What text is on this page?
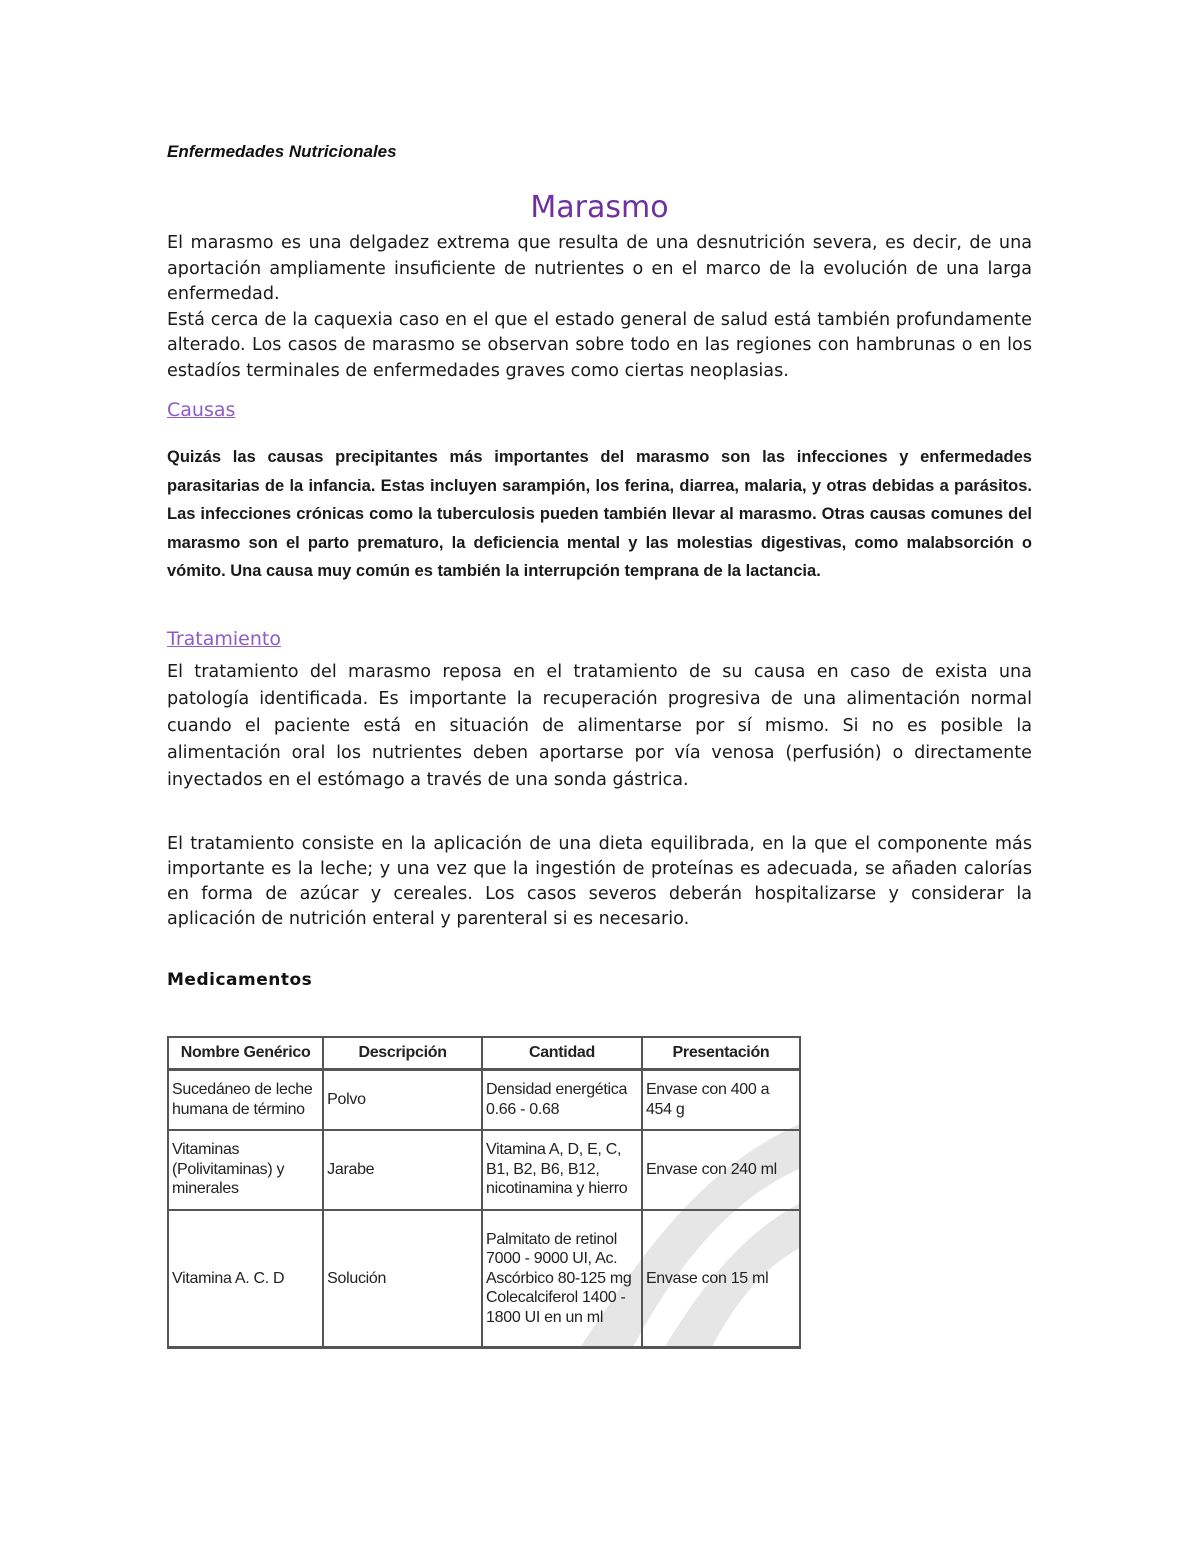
Enfermedades Nutricionales
Marasmo

El marasmo es una delgadez extrema que resulta de una desnutrición severa, es decir, de una aportación ampliamente insuficiente de nutrientes o en el marco de la evolución de una larga enfermedad.

Está cerca de la caquexia caso en el que el estado general de salud está también profundamente alterado. Los casos de marasmo se observan sobre todo en las regiones con hambrunas o en los estadíos terminales de enfermedades graves como ciertas neoplasias.

Causas

Quizás las causas precipitantes más importantes del marasmo son las infecciones y enfermedades parasitarias de la infancia. Estas incluyen sarampión, los ferina, diarrea, malaria, y otras debidas a parásitos. Las infecciones crónicas como la tuberculosis pueden también llevar al marasmo. Otras causas comunes del marasmo son el parto prematuro, la deficiencia mental y las molestias digestivas, como malabsorción o vómito. Una causa muy común es también la interrupción temprana de la lactancia.

Tratamiento

El tratamiento del marasmo reposa en el tratamiento de su causa en caso de exista una patología identificada. Es importante la recuperación progresiva de una alimentación normal cuando el paciente está en situación de alimentarse por sí mismo. Si no es posible la alimentación oral los nutrientes deben aportarse por vía venosa (perfusión) o directamente inyectados en el estómago a través de una sonda gástrica.

El tratamiento consiste en la aplicación de una dieta equilibrada, en la que el componente más importante es la leche; y una vez que la ingestión de proteínas es adecuada, se añaden calorías en forma de azúcar y cereales. Los casos severos deberán hospitalizarse y considerar la aplicación de nutrición enteral y parenteral si es necesario.

Medicamentos
Nombre Genérico	Descripción	Cantidad	Presentación
Sucedáneo de leche humana de término	Polvo	Densidad energética 0.66 - 0.68	Envase con 400 a 454 g
Vitaminas (Polivitaminas) y minerales	Jarabe	Vitamina A, D, E, C, B1, B2, B6, B12, nicotinamina y hierro	Envase con 240 ml
Vitamina A. C. D	Solución	Palmitato de retinol 7000 - 9000 UI, Ac. Ascórbico 80-125 mg Colecalciferol 1400 - 1800 UI en un ml	Envase con 15 ml
